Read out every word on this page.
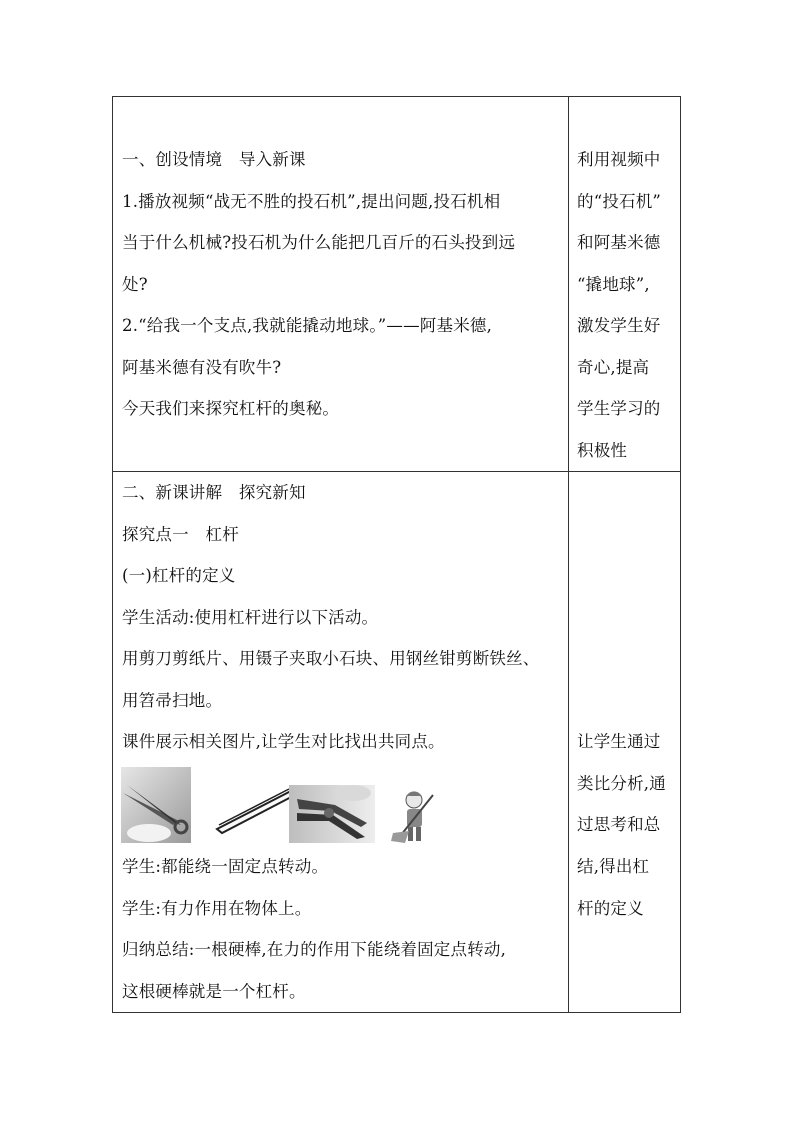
一、创设情境　导入新课
1.播放视频“战无不胜的投石机”,提出问题,投石机相
当于什么机械?投石机为什么能把几百斤的石头投到远
处?
2.“给我一个支点,我就能撬动地球。”——阿基米德,
阿基米德有没有吹牛?
今天我们来探究杠杆的奥秘。
利用视频中
的“投石机”
和阿基米德
“撬地球”,
激发学生好
奇心,提高
学生学习的
积极性
二、新课讲解　探究新知
探究点一　杠杆
(一)杠杆的定义
学生活动:使用杠杆进行以下活动。
用剪刀剪纸片、用镊子夹取小石块、用钢丝钳剪断铁丝、
用笤帚扫地。
课件展示相关图片,让学生对比找出共同点。
学生:都能绕一固定点转动。
学生:有力作用在物体上。
归纳总结:一根硬棒,在力的作用下能绕着固定点转动,
这根硬棒就是一个杠杆。
让学生通过
类比分析,通
过思考和总
结,得出杠
杆的定义
